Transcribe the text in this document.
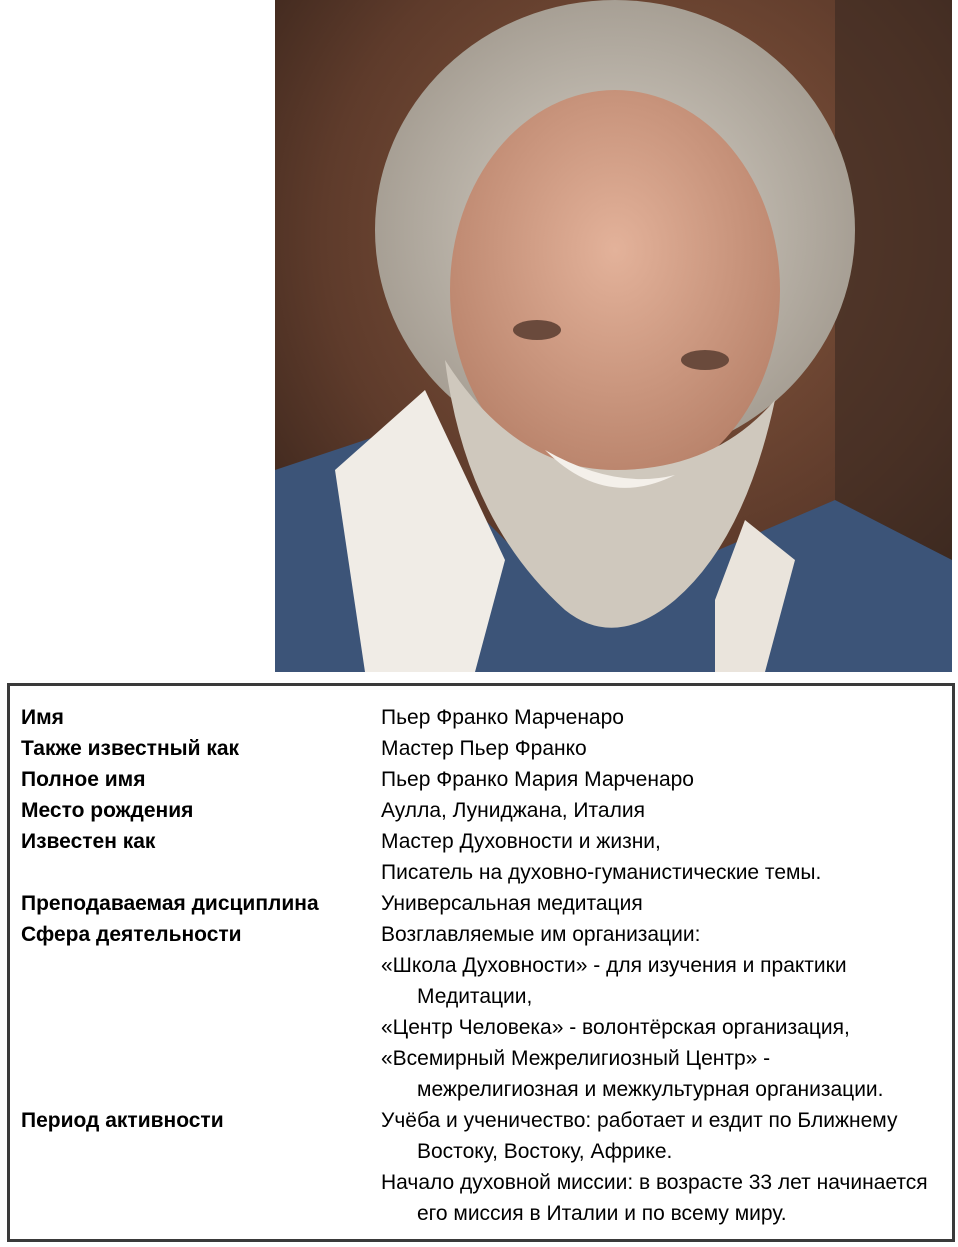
Имя	Пьер Франко Марченаро
Также известный как	Мастер Пьер Франко
Полное имя	Пьер Франко Мария Марченаро
Место рождения	Аулла, Луниджана, Италия
Известен как	Мастер Духовности и жизни,
Писатель на духовно-гуманистические темы.
Преподаваемая дисциплина	Универсальная медитация
Сфера деятельности	Возглавляемые им организации:
«Школа Духовности» - для изучения и практики
Медитации,
«Центр Человека» - волонтёрская организация,
«Всемирный Межрелигиозный Центр» -
межрелигиозная и межкультурная организации.
Период активности	Учёба и ученичество: работает и ездит по Ближнему
Востоку, Востоку, Африке.
Начало духовной миссии: в возрасте 33 лет начинается
его миссия в Италии и по всему миру.
